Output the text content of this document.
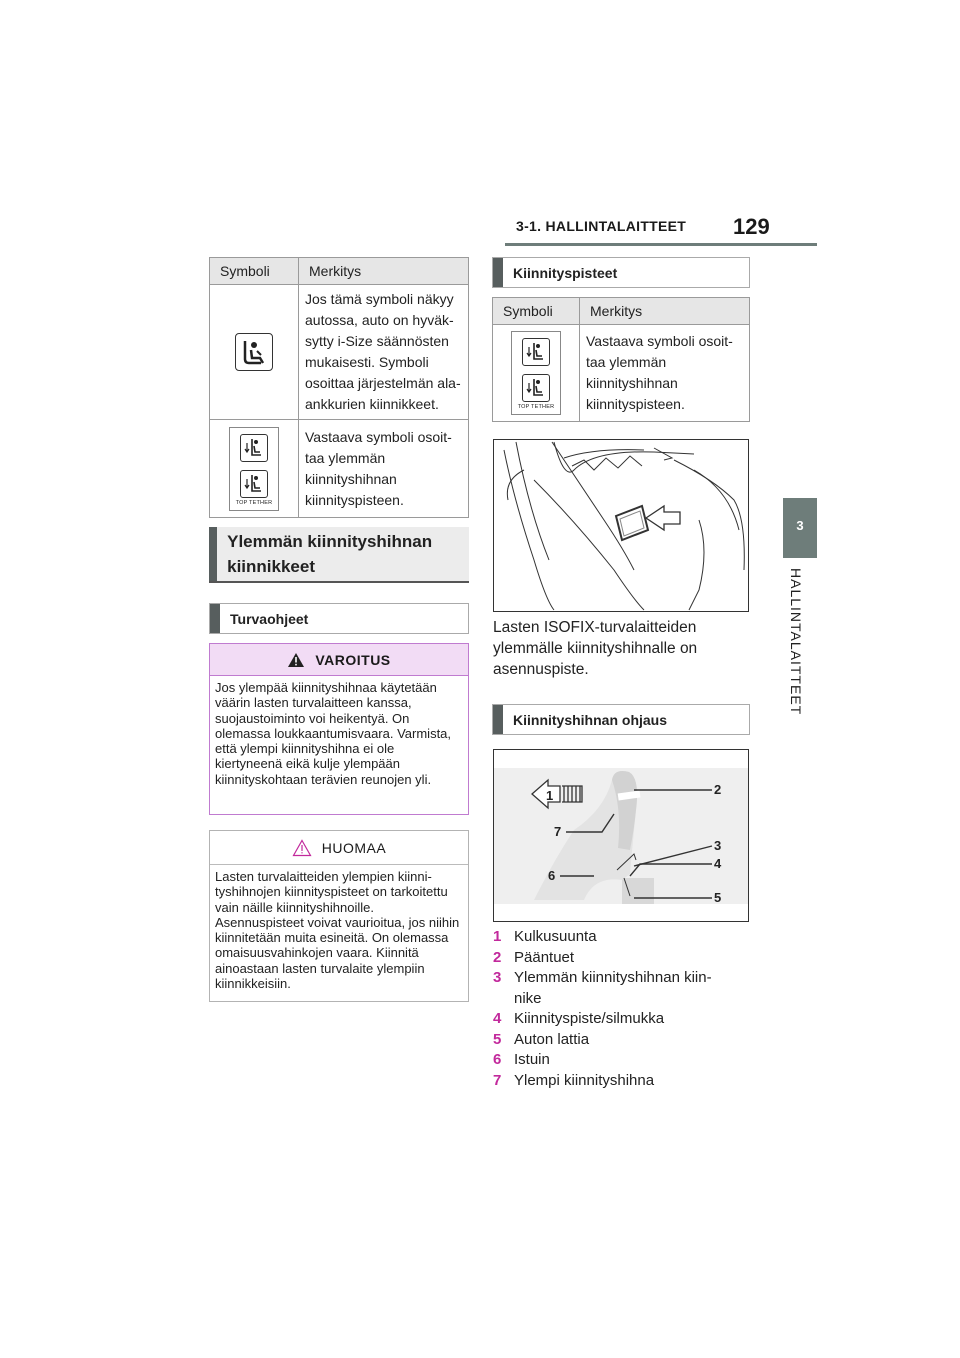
3-1. HALLINTALAITTEET 129
3
HALLINTALAITTEET
Symboli	Merkitys

	Jos tämä symboli näkyy autossa, auto on hyväksytty i-Size säännösten mukaisesti. Symboli osoittaa järjestelmän alaankkurien kiinnikkeet.

TOP TETHER	Vastaava symboli osoittaa ylemmän kiinnityshihnan kiinnityspisteen.
Ylemmän kiinnityshihnan kiinnikkeet
Turvaohjeet
VAROITUS
Jos ylempää kiinnityshihnaa käytetään väärin lasten turvalaitteen kanssa, suojaustoiminto voi heikentyä. On olemassa loukkaantumisvaara. Varmista, että ylempi kiinnityshihna ei ole kiertyneenä eikä kulje ylempään kiinnityskohtaan terävien reunojen yli.
HUOMAA
Lasten turvalaitteiden ylempien kiinnityshihnojen kiinnityspisteet on tarkoitettu vain näille kiinnityshihnoille. Asennuspisteet voivat vaurioitua, jos niihin kiinnitetään muita esineitä. On olemassa omaisuusvahinkojen vaara. Kiinnitä ainoastaan lasten turvalaite ylempiin kiinnikkeisiin.
Kiinnityspisteet
Symboli	Merkitys

TOP TETHER	Vastaava symboli osoittaa ylemmän kiinnityshihnan kiinnityspisteen.
Lasten ISOFIX-turvalaitteiden ylemmälle kiinnityshihnalle on asennuspiste.
Kiinnityshihnan ohjaus
1	2
3
4
5
6
7
1 Kulkusuunta
2 Pääntuet
3 Ylemmän kiinnityshihnan kiinnike
4 Kiinnityspiste/silmukka
5 Auton lattia
6 Istuin
7 Ylempi kiinnityshihna
